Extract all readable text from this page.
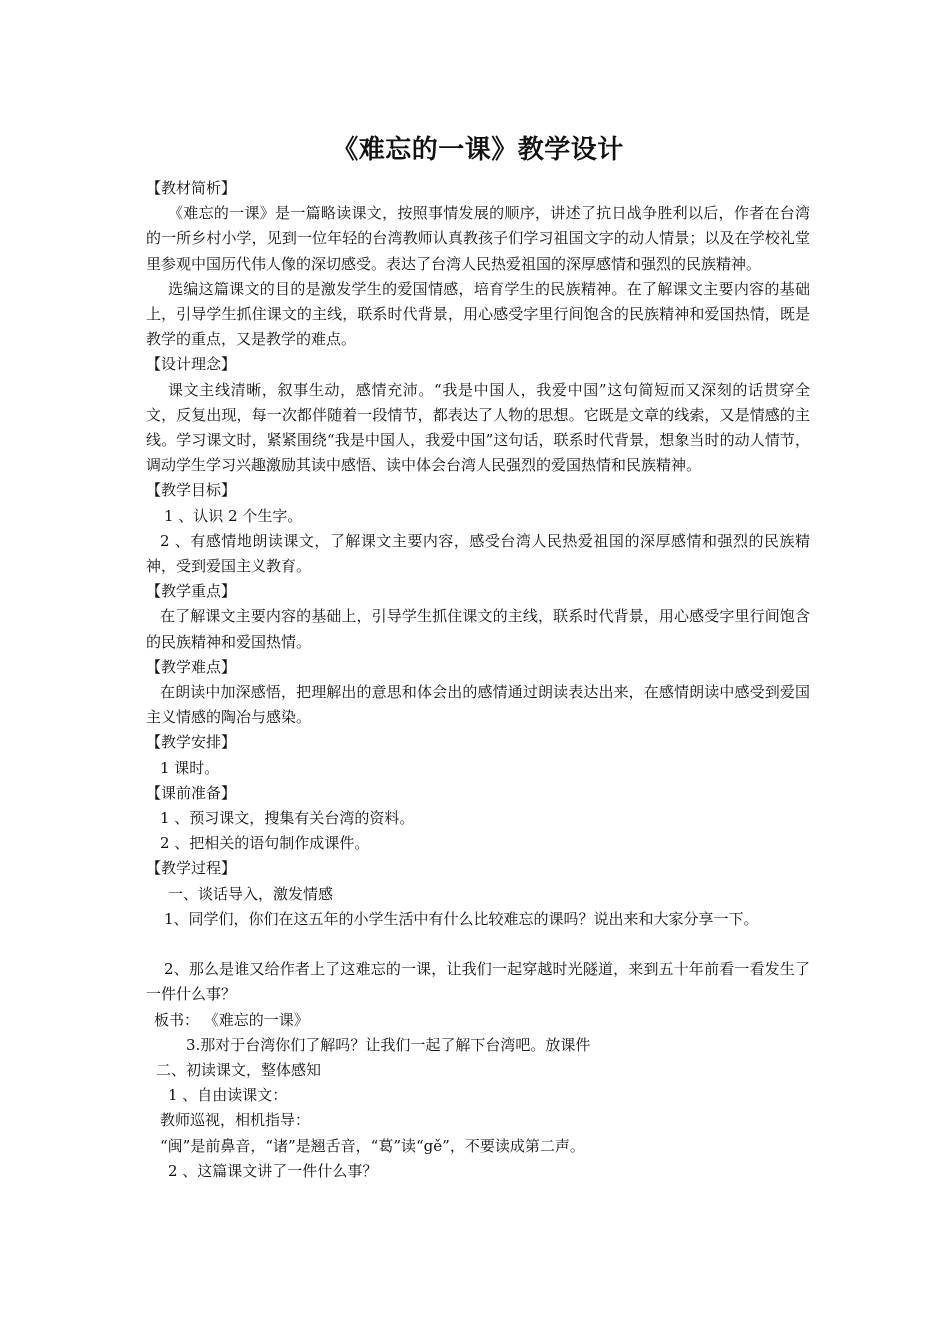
《难忘的一课》教学设计
【教材简析】

《难忘的一课》是一篇略读课文，按照事情发展的顺序，讲述了抗日战争胜利以后，作者在台湾的一所乡村小学，见到一位年轻的台湾教师认真教孩子们学习祖国文字的动人情景；以及在学校礼堂里参观中国历代伟人像的深切感受。表达了台湾人民热爱祖国的深厚感情和强烈的民族精神。

选编这篇课文的目的是激发学生的爱国情感，培育学生的民族精神。在了解课文主要内容的基础上，引导学生抓住课文的主线，联系时代背景，用心感受字里行间饱含的民族精神和爱国热情，既是教学的重点，又是教学的难点。

【设计理念】

课文主线清晰，叙事生动，感情充沛。“我是中国人，我爱中国”这句简短而又深刻的话贯穿全文，反复出现，每一次都伴随着一段情节，都表达了人物的思想。它既是文章的线索，又是情感的主线。学习课文时，紧紧围绕“我是中国人，我爱中国”这句话，联系时代背景，想象当时的动人情节，调动学生学习兴趣激励其读中感悟、读中体会台湾人民强烈的爱国热情和民族精神。

【教学目标】
1 、认识 2 个生字。

2 、有感情地朗读课文，了解课文主要内容，感受台湾人民热爱祖国的深厚感情和强烈的民族精神，受到爱国主义教育。

【教学重点】

在了解课文主要内容的基础上，引导学生抓住课文的主线，联系时代背景，用心感受字里行间饱含的民族精神和爱国热情。

【教学难点】

在朗读中加深感悟，把理解出的意思和体会出的感情通过朗读表达出来，在感情朗读中感受到爱国主义情感的陶冶与感染。

【教学安排】
1 课时。
【课前准备】
1 、预习课文，搜集有关台湾的资料。
2 、把相关的语句制作成课件。
【教学过程】
一、谈话导入，激发情感
1、同学们，你们在这五年的小学生活中有什么比较难忘的课吗？说出来和大家分享一下。

2、那么是谁又给作者上了这难忘的一课，让我们一起穿越时光隧道，来到五十年前看一看发生了一件什么事？

板书： 《难忘的一课》
3.那对于台湾你们了解吗？让我们一起了解下台湾吧。放课件
二、初读课文，整体感知
1 、自由读课文：
教师巡视，相机指导：
“闽”是前鼻音，“诸”是翘舌音，“葛”读“gě”，不要读成第二声。
2 、这篇课文讲了一件什么事？
